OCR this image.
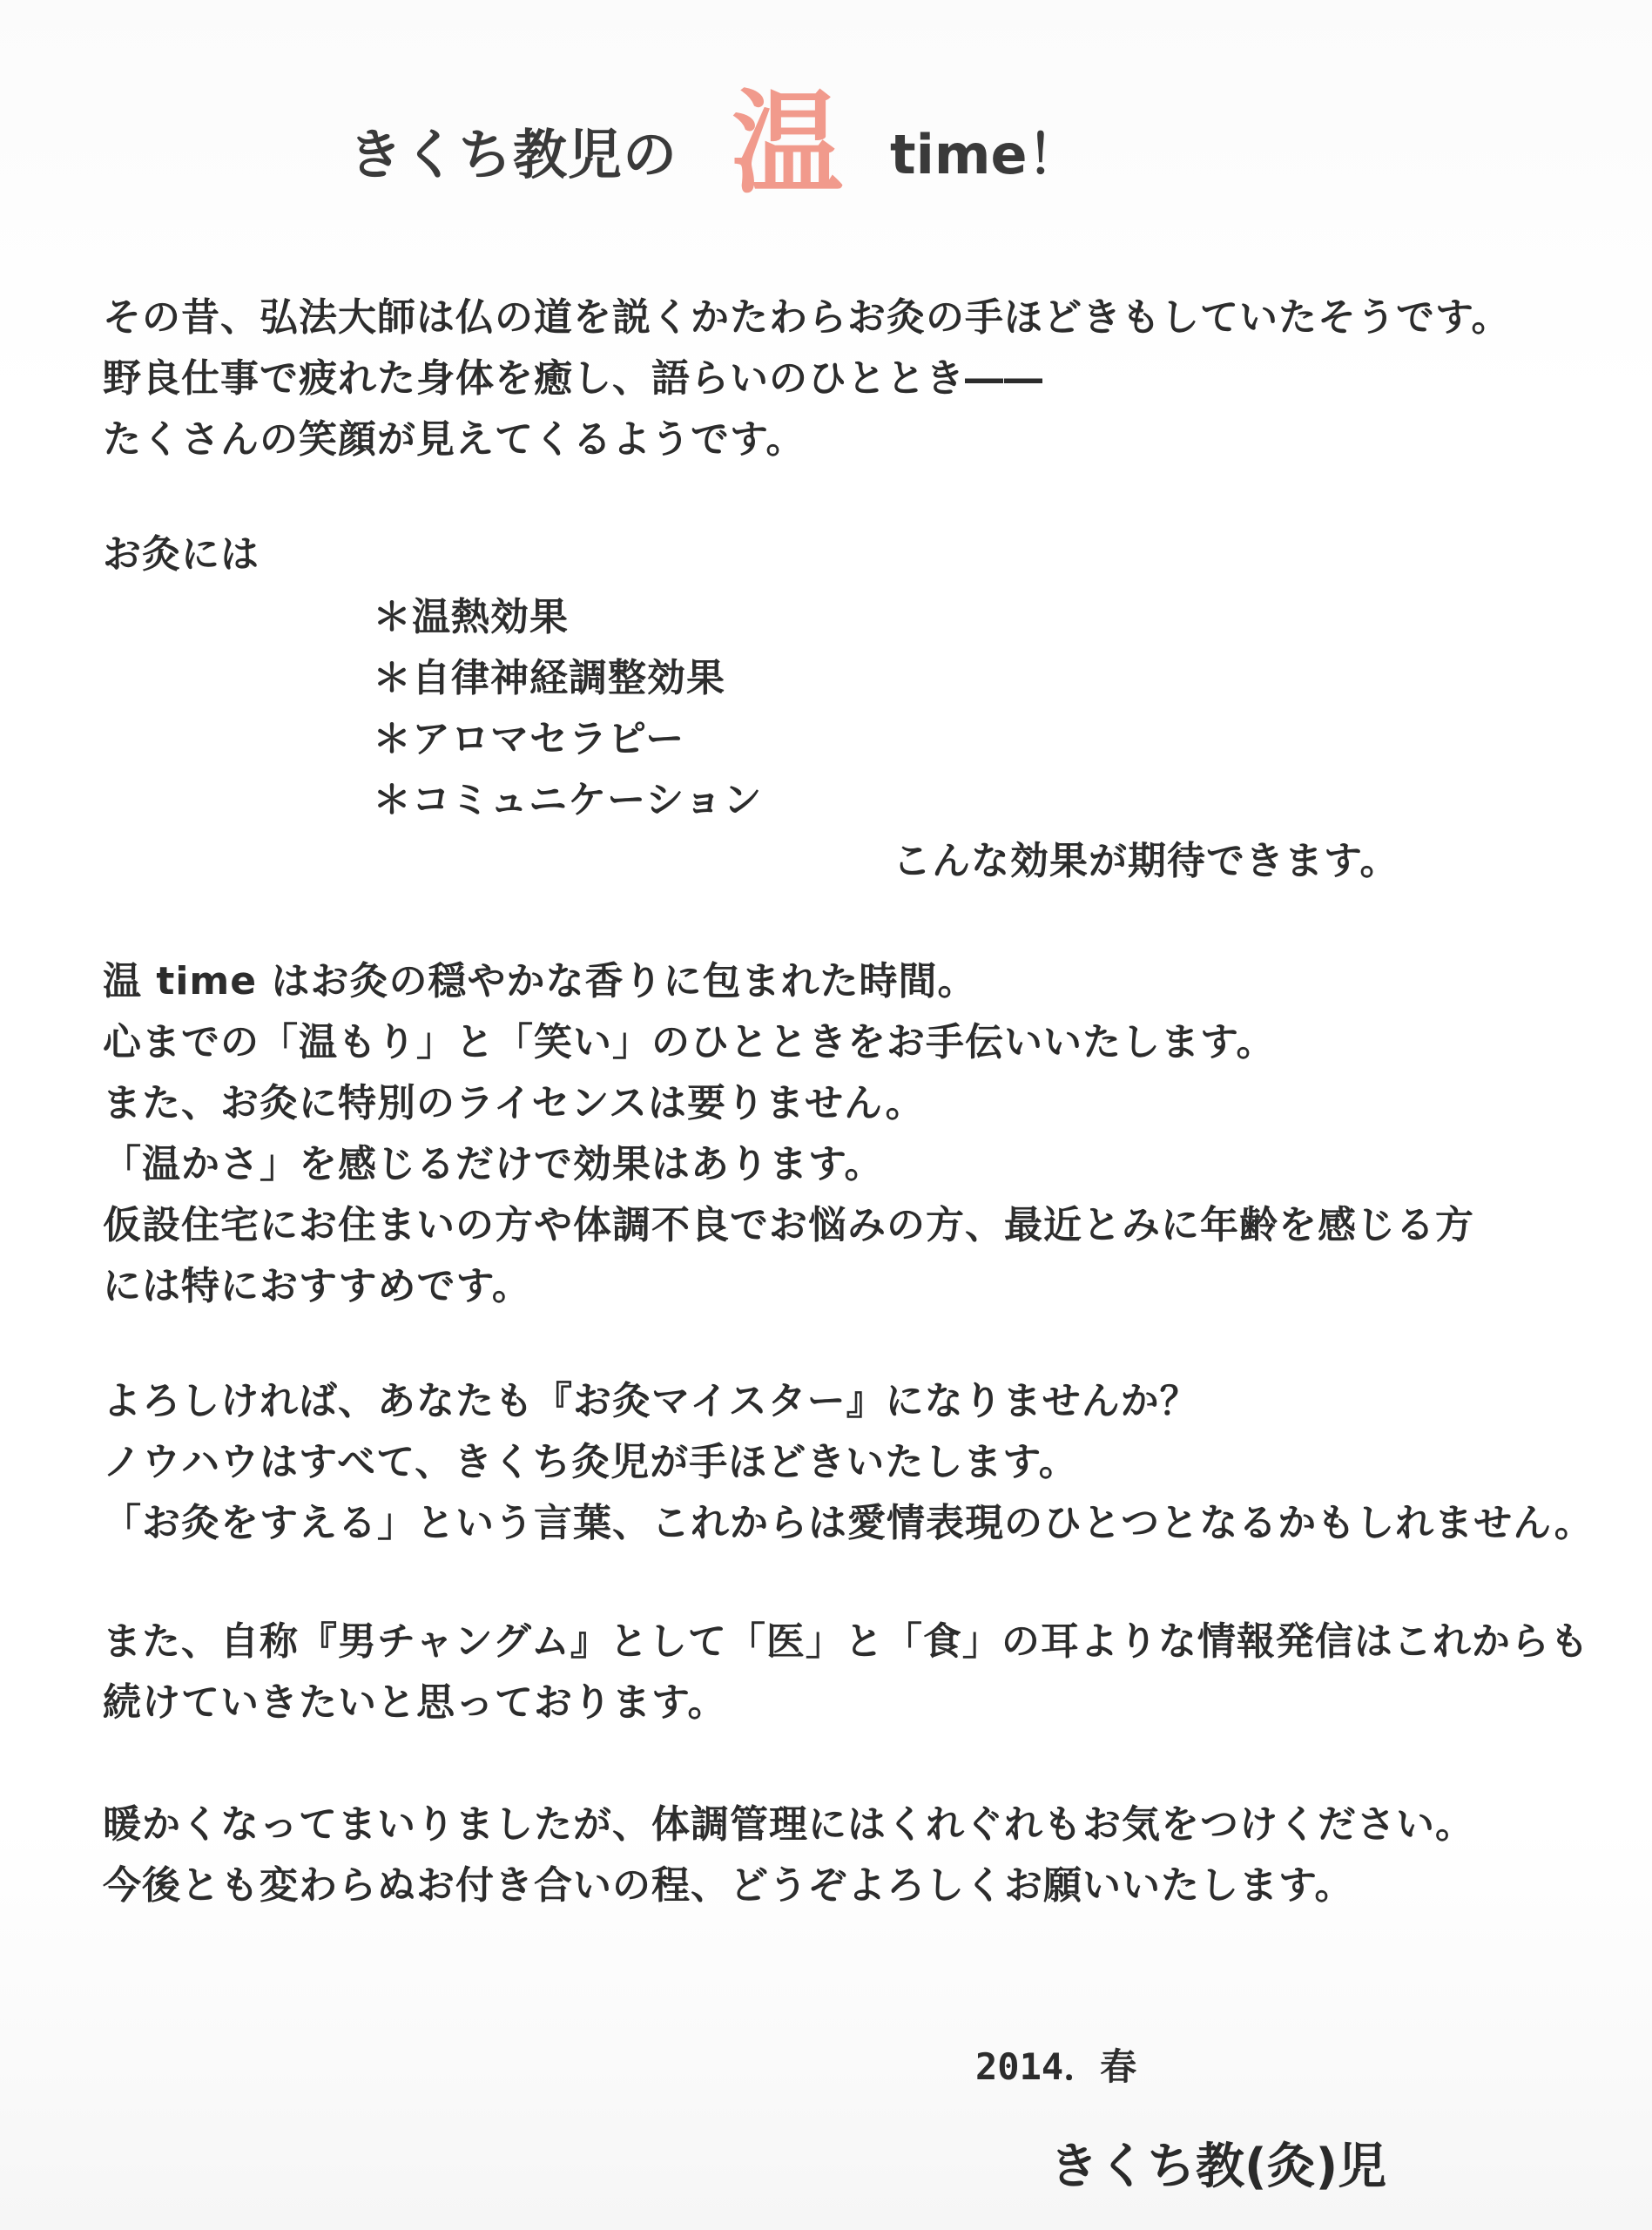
きくち教児の 温 time！
その昔、弘法大師は仏の道を説くかたわらお灸の手ほどきもしていたそうです。
野良仕事で疲れた身体を癒し、語らいのひととき――
たくさんの笑顔が見えてくるようです。
お灸には
＊温熱効果
＊自律神経調整効果
＊アロマセラピー
＊コミュニケーション
こんな効果が期待できます。
温 time はお灸の穏やかな香りに包まれた時間。
心までの「温もり」と「笑い」のひとときをお手伝いいたします。
また、お灸に特別のライセンスは要りません。
「温かさ」を感じるだけで効果はあります。
仮設住宅にお住まいの方や体調不良でお悩みの方、最近とみに年齢を感じる方
には特におすすめです。
よろしければ、あなたも『お灸マイスター』になりませんか？
ノウハウはすべて、きくち灸児が手ほどきいたします。
「お灸をすえる」という言葉、これからは愛情表現のひとつとなるかもしれません。
また、自称『男チャングム』として「医」と「食」の耳よりな情報発信はこれからも
続けていきたいと思っております。
暖かくなってまいりましたが、体調管理にはくれぐれもお気をつけください。
今後とも変わらぬお付き合いの程、どうぞよろしくお願いいたします。
2014．春
きくち教(灸)児
